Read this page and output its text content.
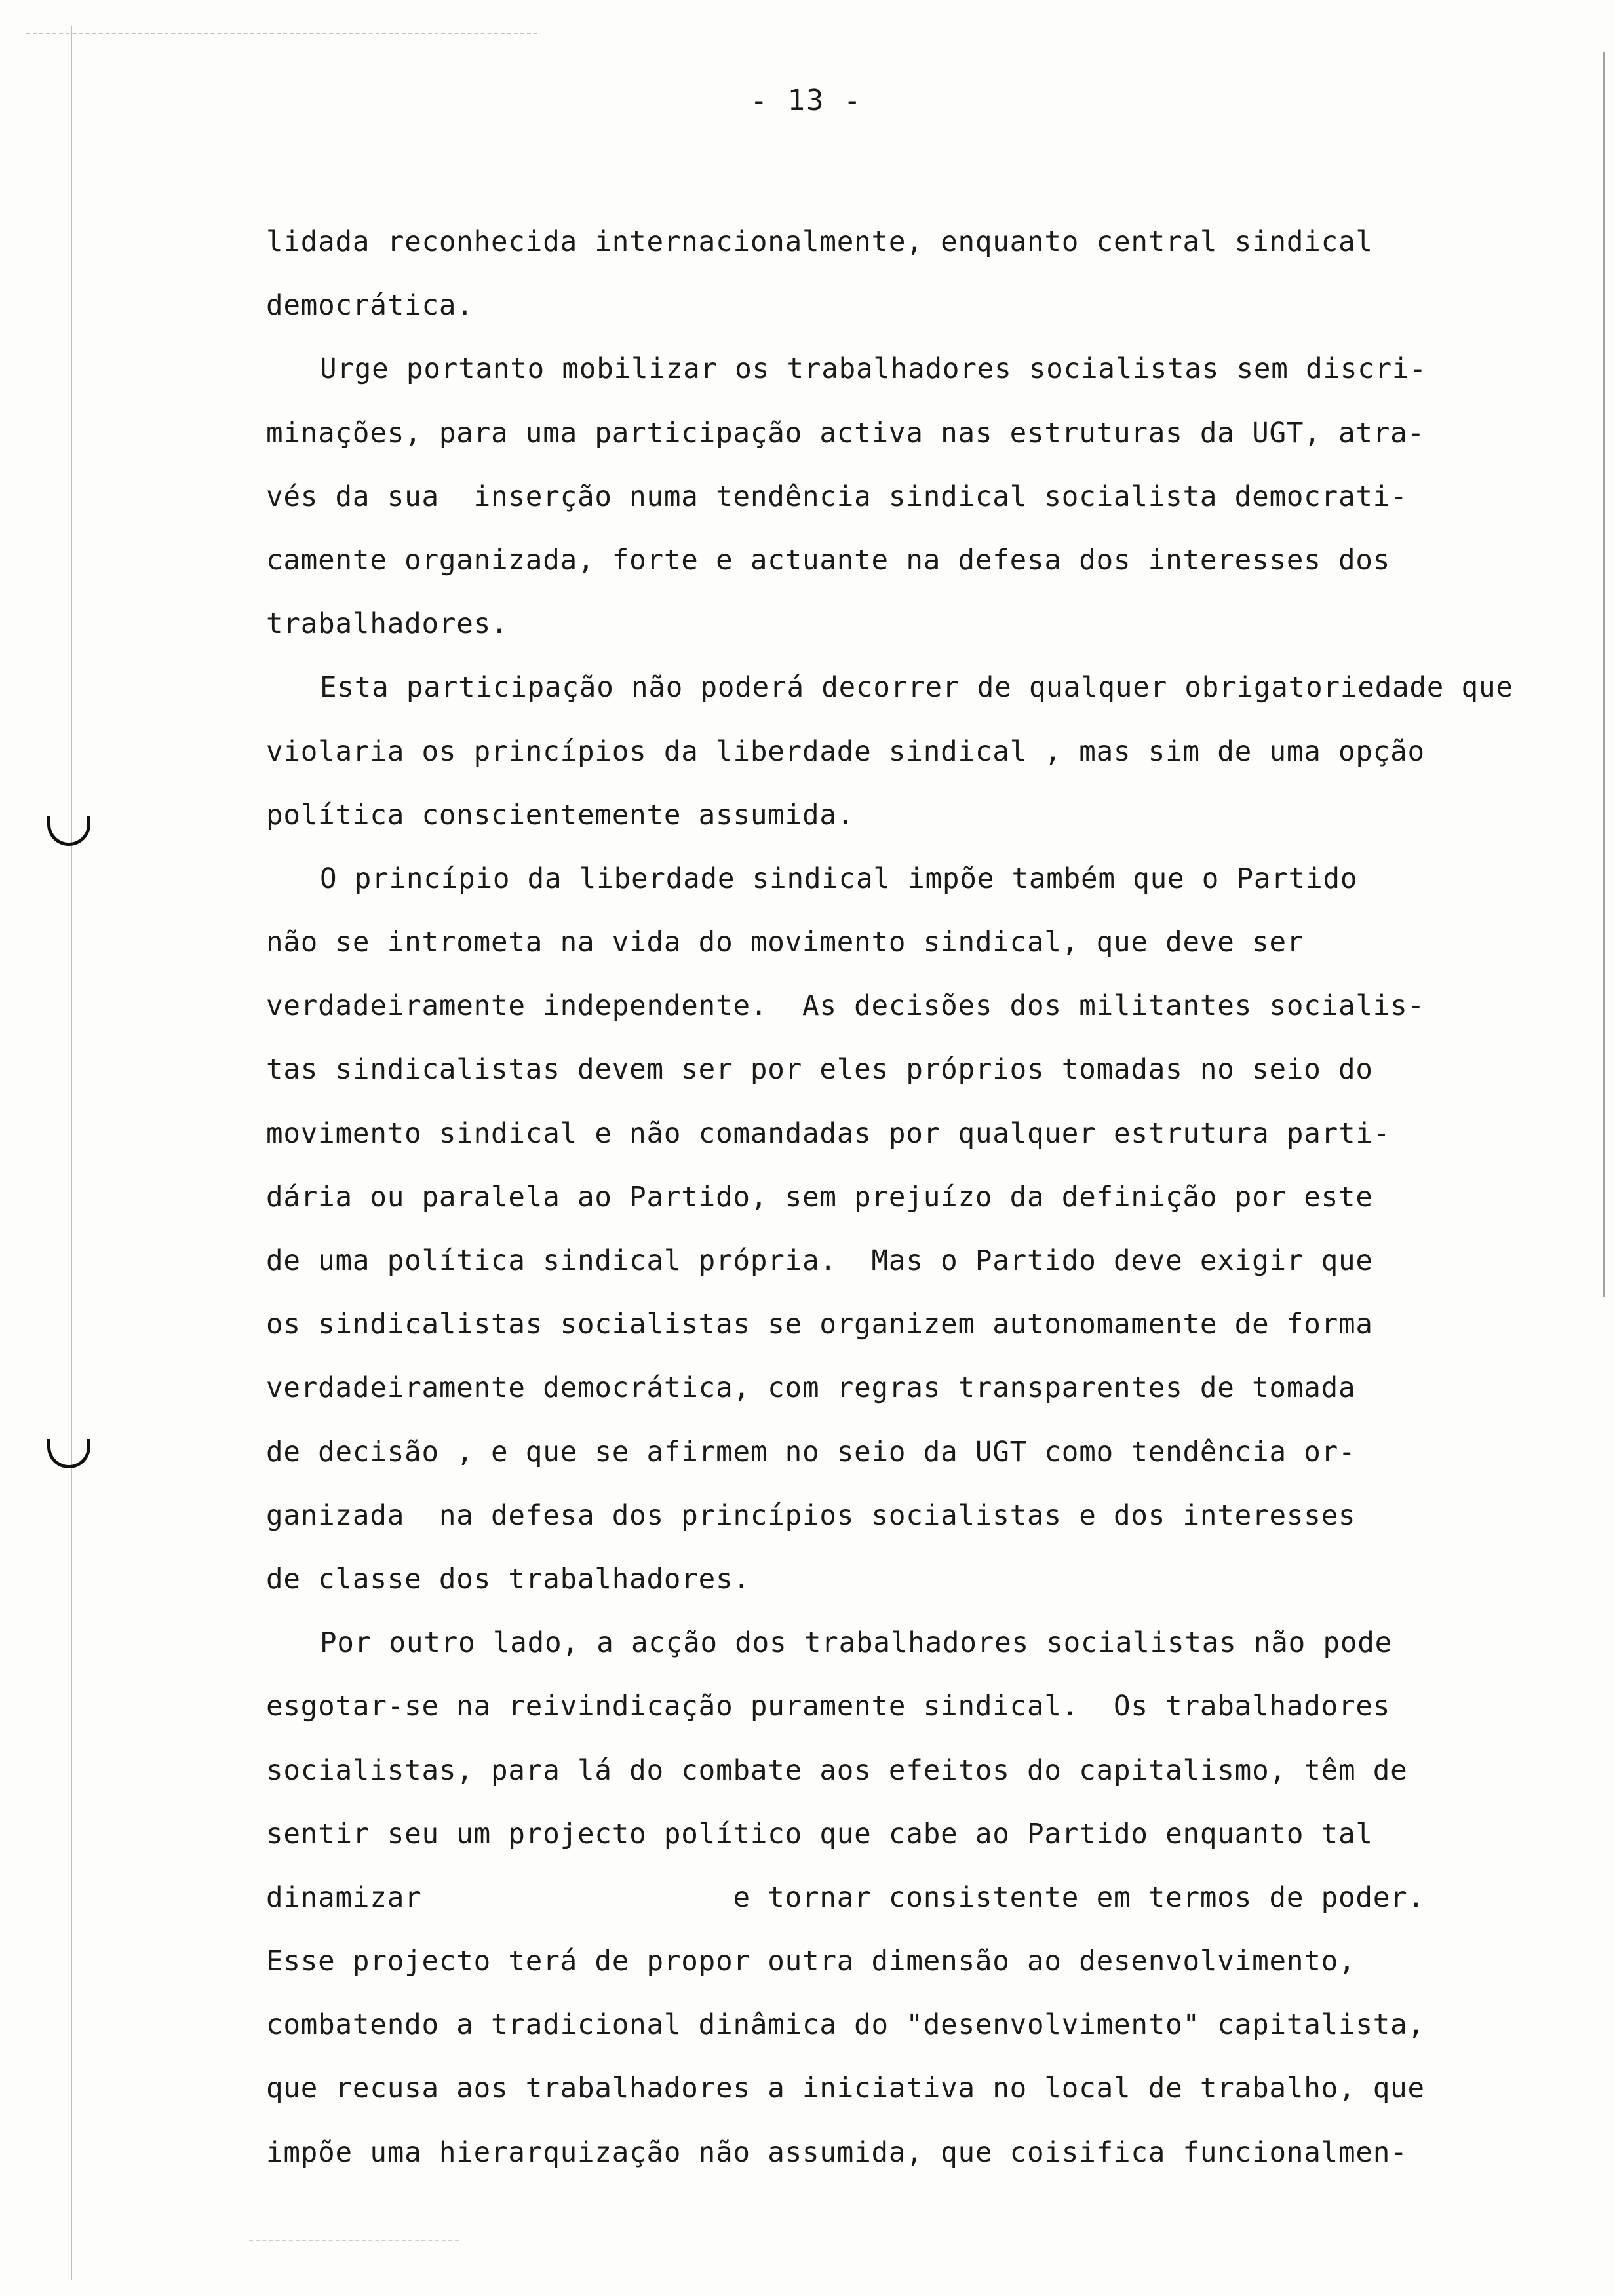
- 13 -
lidada reconhecida internacionalmente, enquanto central sindical
democrática.
Urge portanto mobilizar os trabalhadores socialistas sem discri-
minações, para uma participação activa nas estruturas da UGT, atra-
vés da sua  inserção numa tendência sindical socialista democrati-
camente organizada, forte e actuante na defesa dos interesses dos
trabalhadores.
Esta participação não poderá decorrer de qualquer obrigatoriedade que
violaria os princípios da liberdade sindical , mas sim de uma opção
política conscientemente assumida.
O princípio da liberdade sindical impõe também que o Partido
não se intrometa na vida do movimento sindical, que deve ser
verdadeiramente independente.  As decisões dos militantes socialis-
tas sindicalistas devem ser por eles próprios tomadas no seio do
movimento sindical e não comandadas por qualquer estrutura parti-
dária ou paralela ao Partido, sem prejuízo da definição por este
de uma política sindical própria.  Mas o Partido deve exigir que
os sindicalistas socialistas se organizem autonomamente de forma
verdadeiramente democrática, com regras transparentes de tomada
de decisão , e que se afirmem no seio da UGT como tendência or-
ganizada  na defesa dos princípios socialistas e dos interesses
de classe dos trabalhadores.
Por outro lado, a acção dos trabalhadores socialistas não pode
esgotar-se na reivindicação puramente sindical.  Os trabalhadores
socialistas, para lá do combate aos efeitos do capitalismo, têm de
sentir seu um projecto político que cabe ao Partido enquanto tal
dinamizar                  e tornar consistente em termos de poder.
Esse projecto terá de propor outra dimensão ao desenvolvimento,
combatendo a tradicional dinâmica do "desenvolvimento" capitalista,
que recusa aos trabalhadores a iniciativa no local de trabalho, que
impõe uma hierarquização não assumida, que coisifica funcionalmen-
